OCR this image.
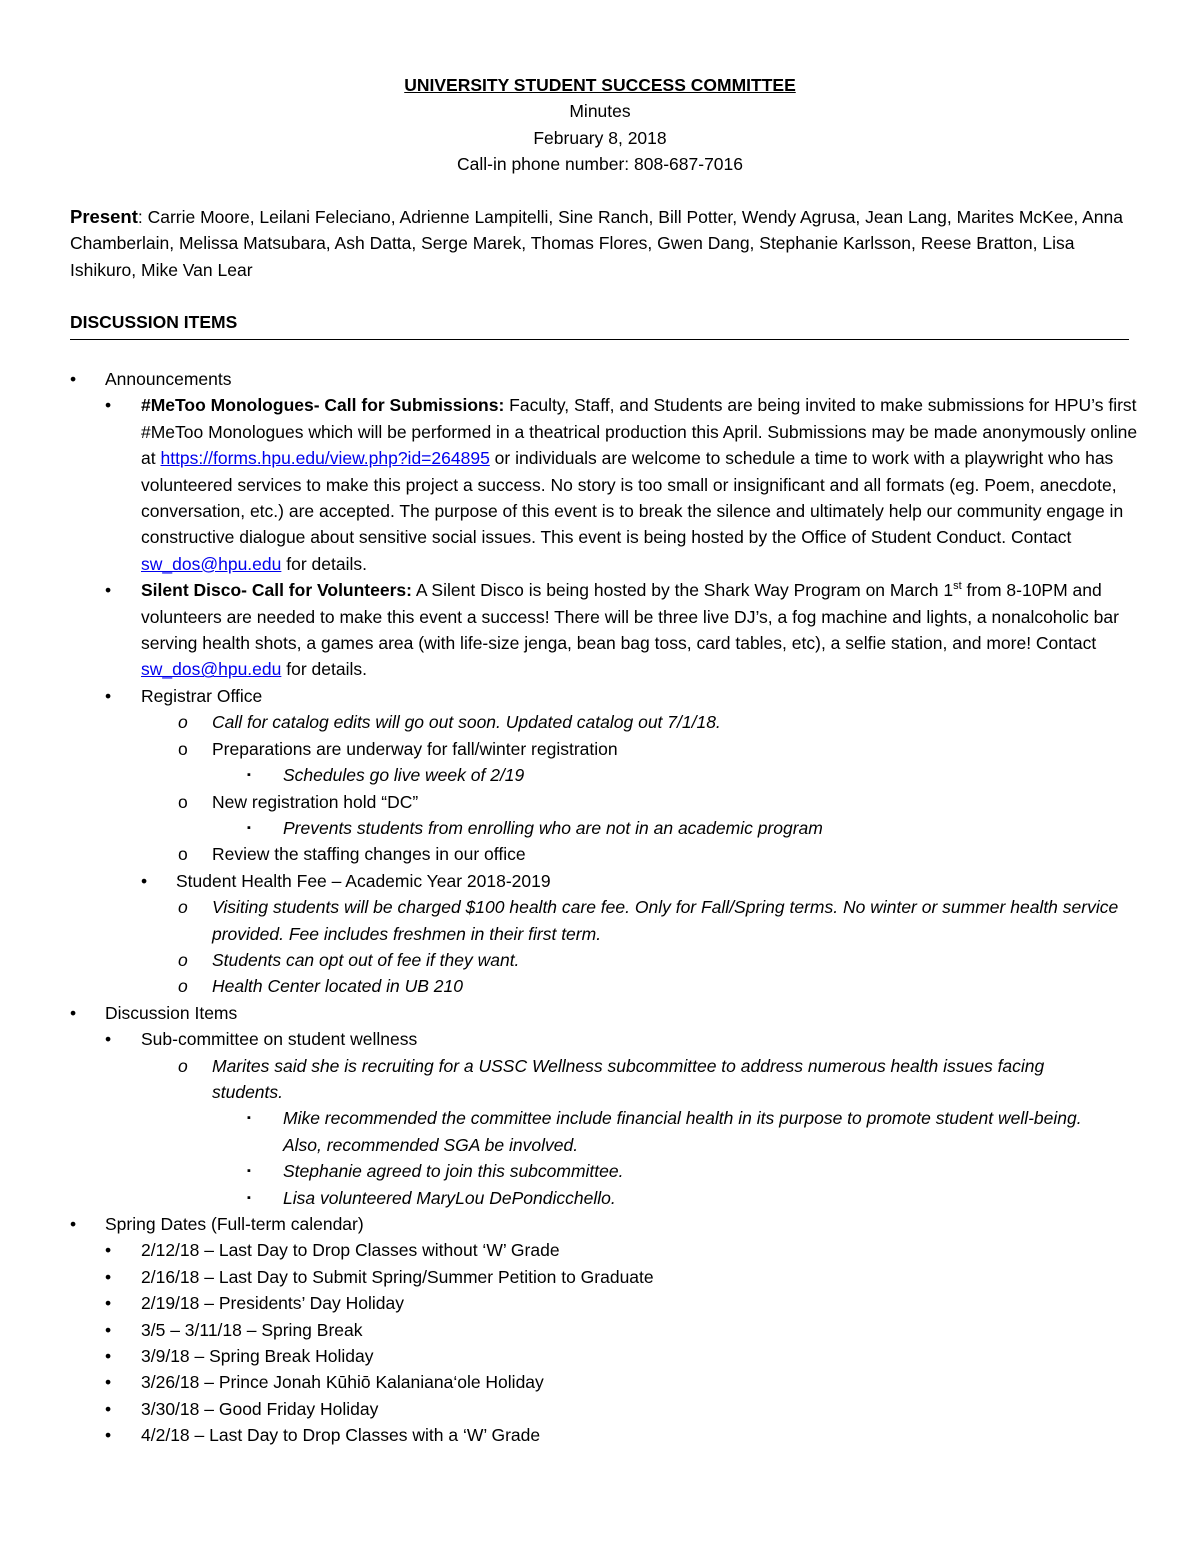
UNIVERSITY STUDENT SUCCESS COMMITTEE
Minutes
February 8, 2018
Call-in phone number: 808-687-7016
Present: Carrie Moore, Leilani Feleciano, Adrienne Lampitelli, Sine Ranch, Bill Potter, Wendy Agrusa, Jean Lang, Marites McKee, Anna Chamberlain, Melissa Matsubara, Ash Datta, Serge Marek, Thomas Flores, Gwen Dang, Stephanie Karlsson, Reese Bratton, Lisa Ishikuro, Mike Van Lear
DISCUSSION ITEMS
• Announcements
• #MeToo Monologues- Call for Submissions: Faculty, Staff, and Students are being invited to make submissions for HPU’s first #MeToo Monologues which will be performed in a theatrical production this April. Submissions may be made anonymously online at https://forms.hpu.edu/view.php?id=264895 or individuals are welcome to schedule a time to work with a playwright who has volunteered services to make this project a success. No story is too small or insignificant and all formats (eg. Poem, anecdote, conversation, etc.) are accepted. The purpose of this event is to break the silence and ultimately help our community engage in constructive dialogue about sensitive social issues. This event is being hosted by the Office of Student Conduct. Contact sw_dos@hpu.edu for details.
• Silent Disco- Call for Volunteers: A Silent Disco is being hosted by the Shark Way Program on March 1st from 8-10PM and volunteers are needed to make this event a success! There will be three live DJ’s, a fog machine and lights, a nonalcoholic bar serving health shots, a games area (with life-size jenga, bean bag toss, card tables, etc), a selfie station, and more! Contact sw_dos@hpu.edu for details.
• Registrar Office
o Call for catalog edits will go out soon. Updated catalog out 7/1/18.
o Preparations are underway for fall/winter registration
▪ Schedules go live week of 2/19
o New registration hold “DC”
▪ Prevents students from enrolling who are not in an academic program
o Review the staffing changes in our office
• Student Health Fee – Academic Year 2018-2019
o Visiting students will be charged $100 health care fee. Only for Fall/Spring terms. No winter or summer health service provided. Fee includes freshmen in their first term.
o Students can opt out of fee if they want.
o Health Center located in UB 210
• Discussion Items
• Sub-committee on student wellness
o Marites said she is recruiting for a USSC Wellness subcommittee to address numerous health issues facing students.
▪ Mike recommended the committee include financial health in its purpose to promote student well-being. Also, recommended SGA be involved.
▪ Stephanie agreed to join this subcommittee.
▪ Lisa volunteered MaryLou DePondicchello.
• Spring Dates (Full-term calendar)
• 2/12/18 – Last Day to Drop Classes without ‘W’ Grade
• 2/16/18 – Last Day to Submit Spring/Summer Petition to Graduate
• 2/19/18 – Presidents’ Day Holiday
• 3/5 – 3/11/18 – Spring Break
• 3/9/18 – Spring Break Holiday
• 3/26/18 – Prince Jonah Kūhiō Kalaniana‘ole Holiday
• 3/30/18 – Good Friday Holiday
• 4/2/18 – Last Day to Drop Classes with a ‘W’ Grade
